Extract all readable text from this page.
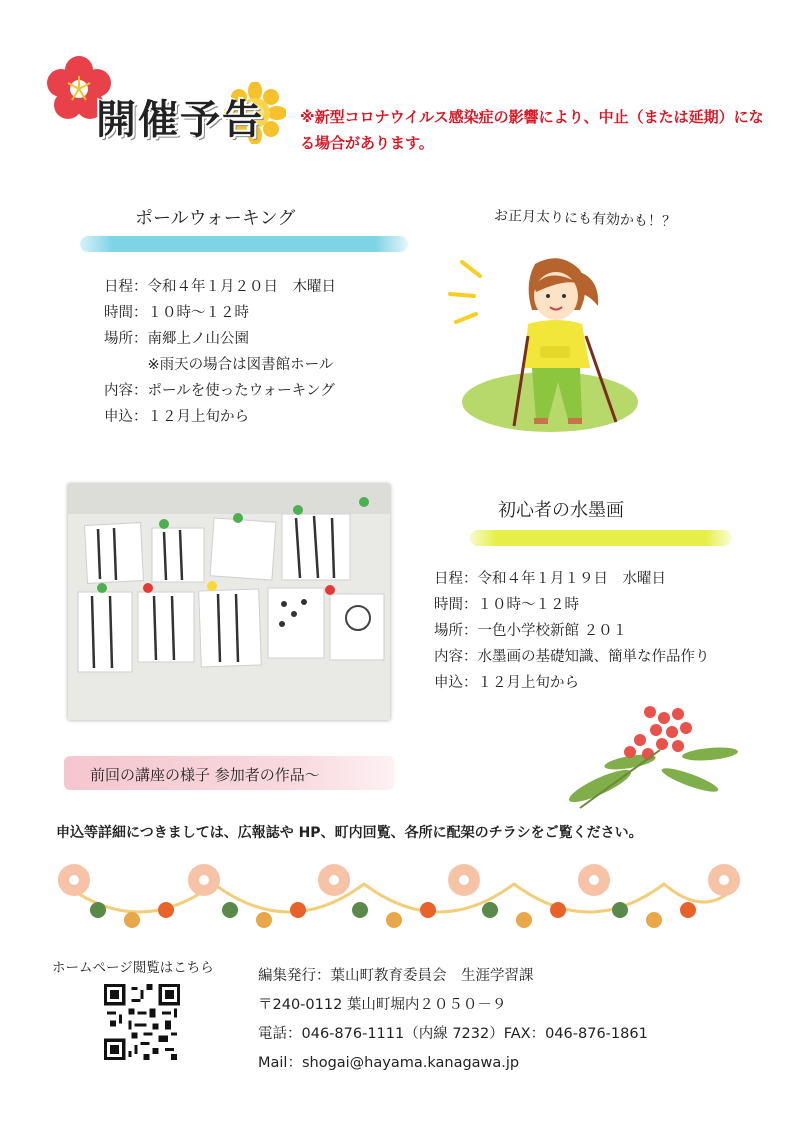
開催予告 ※新型コロナウイルス感染症の影響により、中止（または延期）になる場合があります。
ポールウォーキング
日程：令和４年１月２０日　木曜日
時間：１０時～１２時
場所：南郷上ノ山公園
　　　※雨天の場合は図書館ホール
内容：ポールを使ったウォーキング
申込：１２月上旬から
お正月太りにも有効かも！？
初心者の水墨画
日程：令和４年１月１９日　水曜日
時間：１０時～１２時
場所：一色小学校新館 ２０１
内容：水墨画の基礎知識、簡単な作品作り
申込：１２月上旬から
前回の講座の様子 参加者の作品～
申込等詳細につきましては、広報誌や HP、町内回覧、各所に配架のチラシをご覧ください。
ホームページ閲覧はこちら	編集発行：葉山町教育委員会　生涯学習課
〒240-0112 葉山町堀内２０５０－９
電話：046-876-1111（内線 7232）FAX：046-876-1861
Mail：shogai@hayama.kanagawa.jp
